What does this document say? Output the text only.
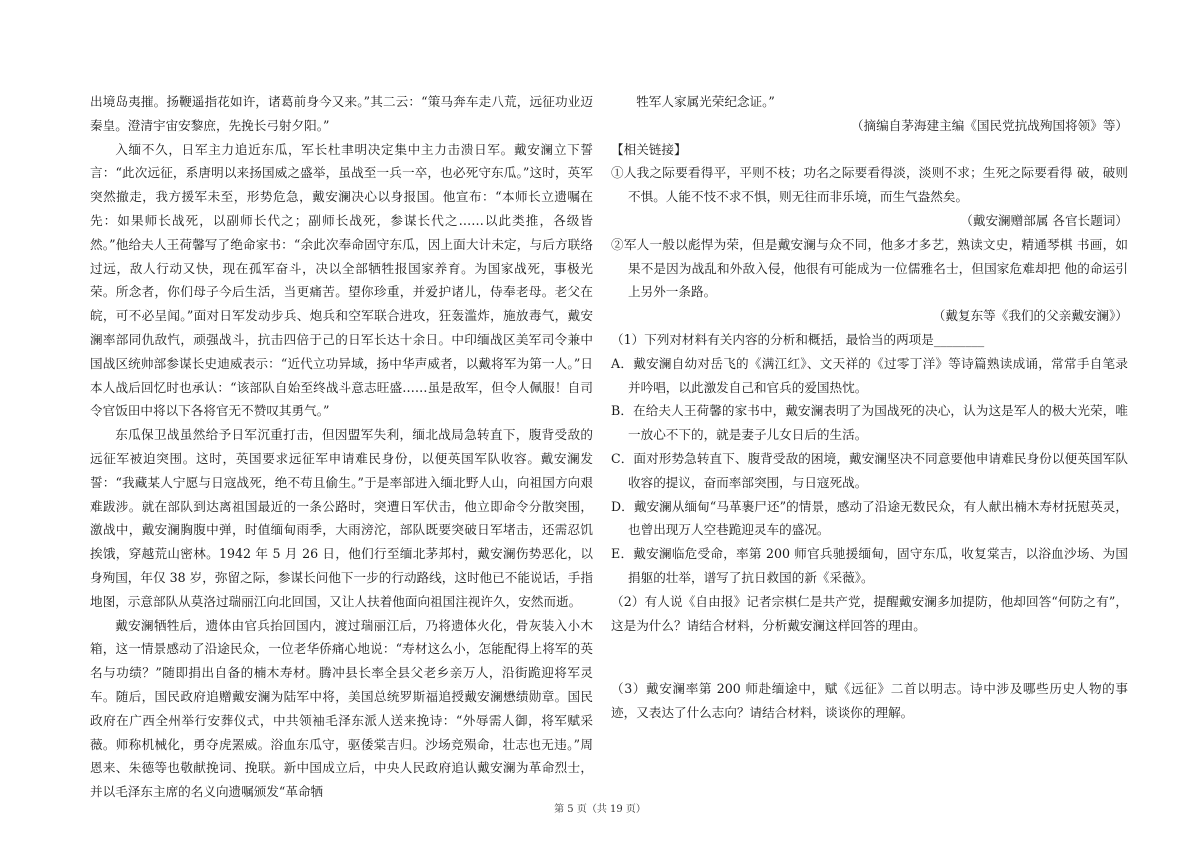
出境岛夷摧。扬鞭遥指花如许，诸葛前身今又来。”其二云：“策马奔车走八荒，远征功业迈秦皇。澄清宇宙安黎庶，先挽长弓射夕阳。”

入缅不久，日军主力追近东瓜，军长杜聿明决定集中主力击溃日军。戴安澜立下誓言：“此次远征，系唐明以来扬国威之盛举，虽战至一兵一卒，也必死守东瓜。”这时，英军突然撤走，我方援军未至，形势危急，戴安澜决心以身报国。他宣布：“本师长立遗嘱在先：如果师长战死，以副师长代之；副师长战死，参谋长代之……以此类推，各级皆然。”他给夫人王荷馨写了绝命家书：“余此次奉命固守东瓜，因上面大计未定，与后方联络过远，敌人行动又快，现在孤军奋斗，决以全部牺牲报国家养育。为国家战死，事极光荣。所念者，你们母子今后生活，当更痛苦。望你珍重，并爱护诸儿，侍奉老母。老父在皖，可不必呈闻。”面对日军发动步兵、炮兵和空军联合进攻，狂轰滥炸，施放毒气，戴安澜率部同仇敌忾，顽强战斗，抗击四倍于己的日军长达十余日。中印缅战区美军司令兼中国战区统帅部参谋长史迪威表示：“近代立功异域，扬中华声威者，以戴将军为第一人。”日本人战后回忆时也承认：“该部队自始至终战斗意志旺盛……虽是敌军，但令人佩服！自司令官饭田中将以下各将官无不赞叹其勇气。”

东瓜保卫战虽然给予日军沉重打击，但因盟军失利，缅北战局急转直下，腹背受敌的远征军被迫突围。这时，英国要求远征军申请难民身份，以便英国军队收容。戴安澜发誓：“我藏某人宁愿与日寇战死，绝不苟且偷生。”于是率部进入缅北野人山，向祖国方向艰难跋涉。就在部队到达离祖国最近的一条公路时，突遭日军伏击，他立即命令分散突围，激战中，戴安澜胸腹中弹，时值缅甸雨季，大雨滂沱，部队既要突破日军堵击，还需忍饥挨饿，穿越荒山密林。1942 年 5 月 26 日，他们行至缅北茅邦村，戴安澜伤势恶化，以身殉国，年仅 38 岁，弥留之际，参谋长问他下一步的行动路线，这时他已不能说话，手指地图，示意部队从莫洛过瑞丽江向北回国，又让人扶着他面向祖国注视许久，安然而逝。

戴安澜牺牲后，遗体由官兵抬回国内，渡过瑞丽江后，乃将遗体火化，骨灰装入小木箱，这一情景感动了沿途民众，一位老华侨痛心地说：“寿材这么小，怎能配得上将军的英名与功绩？”随即捐出自备的楠木寿材。腾冲县长率全县父老乡亲万人，沿街跪迎将军灵车。随后，国民政府追赠戴安澜为陆军中将，美国总统罗斯福追授戴安澜懋绩勋章。国民政府在广西全州举行安葬仪式，中共领袖毛泽东派人送来挽诗：“外辱需人御，将军赋采薇。师称机械化，勇夺虎罴威。浴血东瓜守，驱倭棠吉归。沙场竞殒命，壮志也无违。”周恩来、朱德等也敬献挽词、挽联。新中国成立后，中央人民政府追认戴安澜为革命烈士，并以毛泽东主席的名义向遗嘱颁发“革命牺

牲军人家属光荣纪念证。”

（摘编自茅海建主编《国民党抗战殉国将领》等）

【相关链接】

①人我之际要看得平，平则不枝；功名之际要看得淡，淡则不求；生死之际要看得 破，破则不惧。人能不忮不求不惧，则无往而非乐境，而生气盎然矣。

（戴安澜赠部属 各官长题词）

②军人一般以彪悍为荣，但是戴安澜与众不同，他多才多艺，熟读文史，精通琴棋 书画，如果不是因为战乱和外敌入侵，他很有可能成为一位儒雅名士，但国家危难却把 他的命运引上另外一条路。

（戴复东等《我们的父亲戴安澜》）

（1）下列对材料有关内容的分析和概括，最恰当的两项是________

A．戴安澜自幼对岳飞的《满江红》、文天祥的《过零丁洋》等诗篇熟读成诵，常常手自笔录并吟唱，以此激发自己和官兵的爱国热忱。

B．在给夫人王荷馨的家书中，戴安澜表明了为国战死的决心，认为这是军人的极大光荣，唯一放心不下的，就是妻子儿女日后的生活。

C．面对形势急转直下、腹背受敌的困境，戴安澜坚决不同意要他申请难民身份以便英国军队收容的提议，奋而率部突围，与日寇死战。

D．戴安澜从缅甸“马革裹尸还”的情景，感动了沿途无数民众，有人献出楠木寿材抚慰英灵，也曾出现万人空巷跪迎灵车的盛况。

E．戴安澜临危受命，率第 200 师官兵驰援缅甸，固守东瓜，收复棠吉，以浴血沙场、为国捐躯的壮举，谱写了抗日救国的新《采薇》。

（2）有人说《自由报》记者宗棋仁是共产党，提醒戴安澜多加提防，他却回答“何防之有”，这是为什么？请结合材料，分析戴安澜这样回答的理由。

（3）戴安澜率第 200 师赴缅途中，赋《远征》二首以明志。诗中涉及哪些历史人物的事迹，又表达了什么志向？请结合材料，谈谈你的理解。

第 5 页（共 19 页）
